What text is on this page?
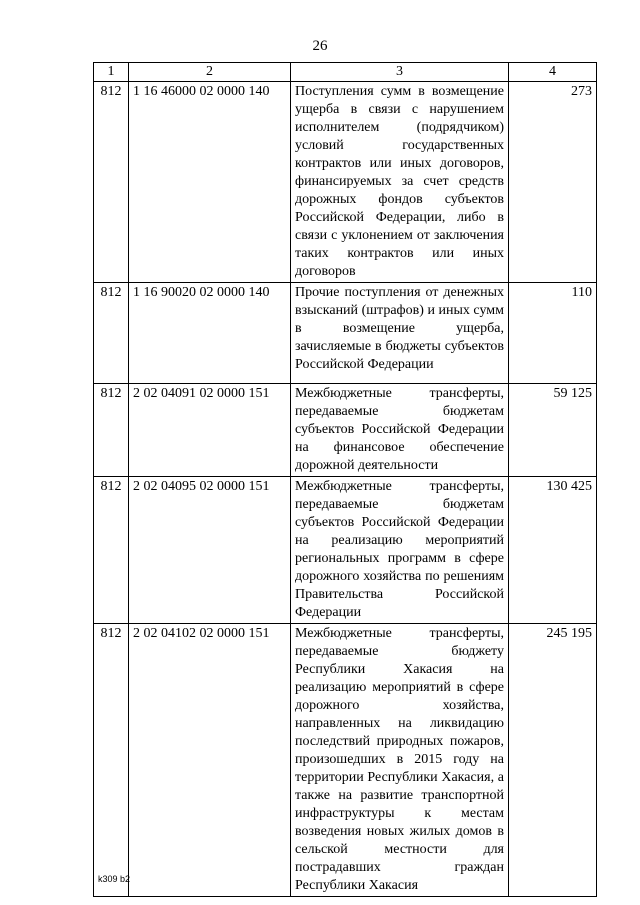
26
1	2	3	4
812	1 16 46000 02 0000 140	Поступления сумм в возмещение ущерба в связи с нарушением исполнителем (подрядчиком) условий государственных контрактов или иных договоров, финансируемых за счет средств дорожных фондов субъектов Российской Федерации, либо в связи с уклонением от заключения таких контрактов или иных договоров	273
812	1 16 90020 02 0000 140	Прочие поступления от денежных взысканий (штрафов) и иных сумм в возмещение ущерба, зачисляемые в бюджеты субъектов Российской Федерации	110
812	2 02 04091 02 0000 151	Межбюджетные трансферты, передаваемые бюджетам субъектов Российской Федерации на финансовое обеспечение дорожной деятельности	59 125
812	2 02 04095 02 0000 151	Межбюджетные трансферты, передаваемые бюджетам субъектов Российской Федерации на реализацию мероприятий региональных программ в сфере дорожного хозяйства по решениям Правительства Российской Федерации	130 425
812	2 02 04102 02 0000 151	Межбюджетные трансферты, передаваемые бюджету Республики Хакасия на реализацию мероприятий в сфере дорожного хозяйства, направленных на ликвидацию последствий природных пожаров, произошедших в 2015 году на территории Республики Хакасия, а также на развитие транспортной инфраструктуры к местам возведения новых жилых домов в сельской местности для пострадавших граждан Республики Хакасия	245 195
k309 b2
